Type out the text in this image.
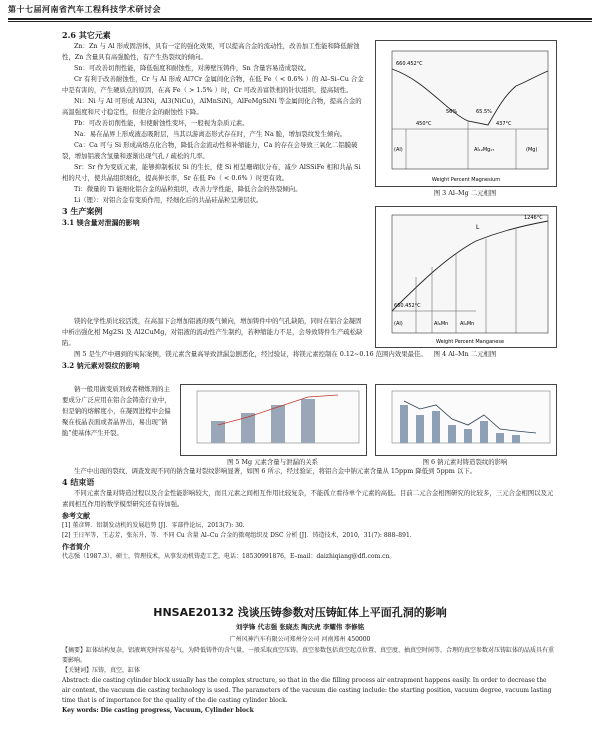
第十七届河南省汽车工程科技学术研讨会
2.6 其它元素

Zn：Zn 与 Al 形成固溶体，具有一定的强化效果，可以提高合金的流动性，改善加工性能和降低耐蚀性，Zn 含量具有高强脆性，有产生热裂纹的倾向。

Sn：可改善切削性能，降低强度和耐蚀性，对薄壁压铸件，Sn 含量容易造成裂纹。

Cr 有利于改善耐蚀性，Cr 与 Al 形成 Al7Cr 金属间化合物，在低 Fe（ < 0.6% ）的 Al–Si–Cu 合金中是有害的，产生硬质点的原因，在高 Fe（ > 1.5% ）时，Cr 可改善富铁相的针状组织，提高韧性。

Ni：Ni 与 Al 可形成 Al3Ni，Al3(NiCu)，AlMnSiNi，AlFeMgSiNi 等金属间化合物，提高合金的高温强度和尺寸稳定性，但使合金的耐蚀性下降。

Pb：可改善切削性能，但使耐蚀性变坏，一般视为杂质元素。

Na：易在晶界上形成液态吸附层，当其以游离态形式存在时，产生 Na 脆，增加裂纹发生倾向。

Ca：Ca 可与 Si 形成高熔点化合物，降低合金流动性和补缩能力，Ca 的存在会导致三氧化二铝膜破裂，增加铝液含氢量和逐渐出现气孔 / 疏松的几率。

Sr：Sr 作为变质元素，能够抑制板状 Si 的生长，使 Si 相呈珊瑚状分布，减少 AlSSiFe 相和共晶 Si 相的尺寸，使共晶组织细化，提高伸长率，Sr 在低 Fe（ < 0.6% ）时更有效。

Ti：微量的 Ti 能细化铝合金的晶粒组织，改善力学性能，降低合金的热裂倾向。

Li（锂）：对铝合金有变质作用，经细化后的共晶硅晶粒呈薄层状。

3 生产案例
3.1 镁含量对泄漏的影响
660.452°C
450°C	437°C
(Al)	(Mg)
Al₁₂Mg₁₇
56%	65.5%
Weight Percent Magnesium
图 3 Al–Mg 二元相图
1246°C
L
(Al)
660.452°C
Al₆Mn Al₄Mn
Weight Percent Manganese
图 4 Al–Mn 二元相图

镁的化学性质比较活泼，在高温下会增加铝液的吸气倾向，增加铸件中的气孔缺陷，同时在铝合金凝固中析出强化相 Mg2Si 及 Al2CuMg，对铝液的流动性产生制约，若种缩能力不足，会导致铸件生产疏松缺陷。

图 5 是生产中遇到的实际案例，镁元素含量高导致泄漏急剧恶化，经过验证，将镁元素控制在 0.12~0.16 范围内效果最佳。

3.2 钠元素对裂纹的影响

钠一般用做变质剂或者精炼剂的主要成分广泛应用在铝合金铸造行业中，但是钠的熔解度小，在凝固进程中会偏聚在枝晶表面或者晶界出，易出现“钠脆”使基体产生开裂。

图 5 Mg 元素含量与泄漏的关系	图 6 钠元素对铸造裂纹的影响

生产中出现的裂纹，调查发现不同的钠含量对裂纹影响显著，如图 6 所示，经过验证，将铝合金中钠元素含量从 15ppm 降低到 5ppm 以下。

4 结束语

不同元素含量对铸造过程以及合金性能影响较大，而且元素之间相互作用比较复杂，不能孤立看待单个元素的高低。目前二元合金相图研究的比较多，三元合金相图以及元素间相互作用的数学模型研究还有待加强。

参考文献

[1] 董彦辉．铝制发动机的发展趋势 [J]．零部件论坛，2013(7): 30.

[2] 王日军等，王志芳，张东升，等．不同 Cu 含量 Al–Cu 合金的微观组织及 DSC 分析 [J]．铸造技术，2010，31(7): 888–891.

作者简介

代志强（1987.3），硕士，管理技术，从事发动机铸造工艺，电话：18530991876，E–mail：daizhiqiang@dfl.com.cn。

HNSAE20132 浅谈压铸参数对压铸缸体上平面孔洞的影响
刘学锋 代志强 张晓杰 陶庆虎 李耀伟 李修铭
广州风神汽车有限公司郑州分公司 河南郑州 450000

【摘要】缸体结构复杂，铝液填充时容易卷气，为降低铸件的含气量，一般采取真空压铸。真空参数包括真空起点位置、真空度、抽真空时间等，合理的真空参数对压铸缸体的品质具有重要影响。

【关键词】压铸，真空，缸体

Abstract: die casting cylinder block usually has the complex structure, so that in the die filling process air entrapment happens easily. In order to decrease the air content, the vacuum die casting technology is used. The parameters of the vacuum die casting include: the starting position, vacuum degree, vacuum lasting time that is of importance for the quality of the die casting cylinder block.

Key words: Die casting progress, Vacuum, Cylinder block
